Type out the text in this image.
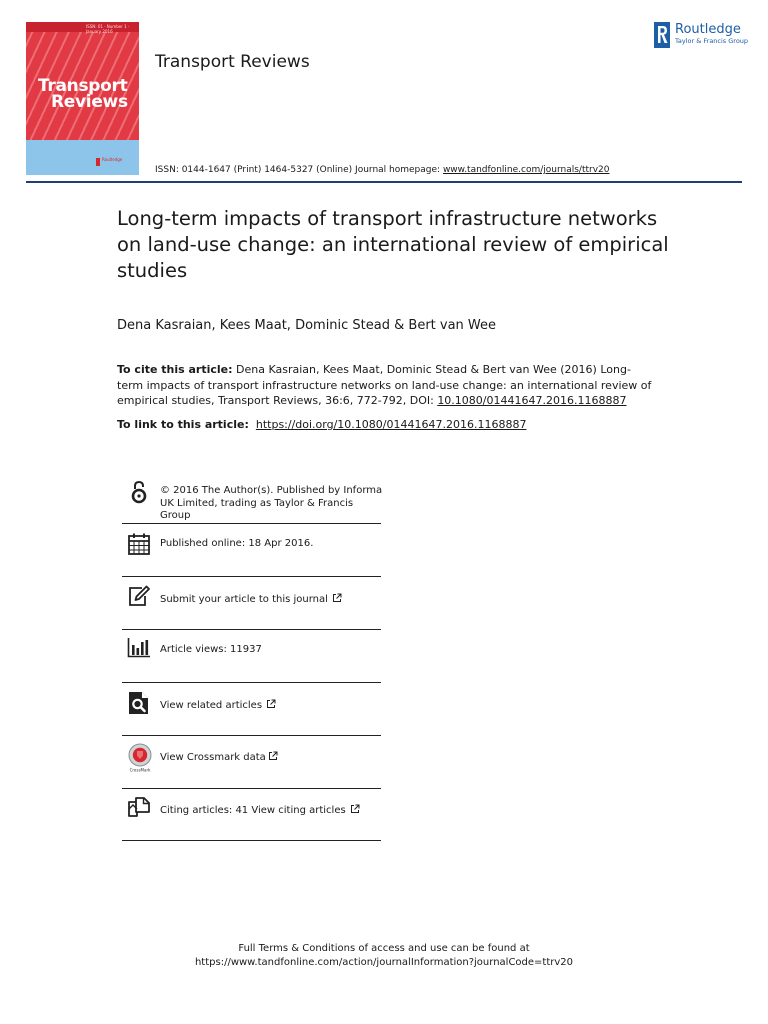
ISSN: 01 · Number 1 · January 2016
Transport
Reviews
Routledge
Transport Reviews
Routledge
Taylor & Francis Group
ISSN: 0144-1647 (Print) 1464-5327 (Online) Journal homepage: www.tandfonline.com/journals/ttrv20
Long-term impacts of transport infrastructure networks on land-use change: an international review of empirical studies
Dena Kasraian, Kees Maat, Dominic Stead & Bert van Wee
To cite this article: Dena Kasraian, Kees Maat, Dominic Stead & Bert van Wee (2016) Long-term impacts of transport infrastructure networks on land-use change: an international review of empirical studies, Transport Reviews, 36:6, 772-792, DOI: 10.1080/01441647.2016.1168887
To link to this article: https://doi.org/10.1080/01441647.2016.1168887
© 2016 The Author(s). Published by Informa UK Limited, trading as Taylor & Francis Group
Published online: 18 Apr 2016.
Submit your article to this journal
Article views: 11937
View related articles
CrossMark
View Crossmark data
Citing articles: 41 View citing articles
Full Terms & Conditions of access and use can be found at
https://www.tandfonline.com/action/journalInformation?journalCode=ttrv20
